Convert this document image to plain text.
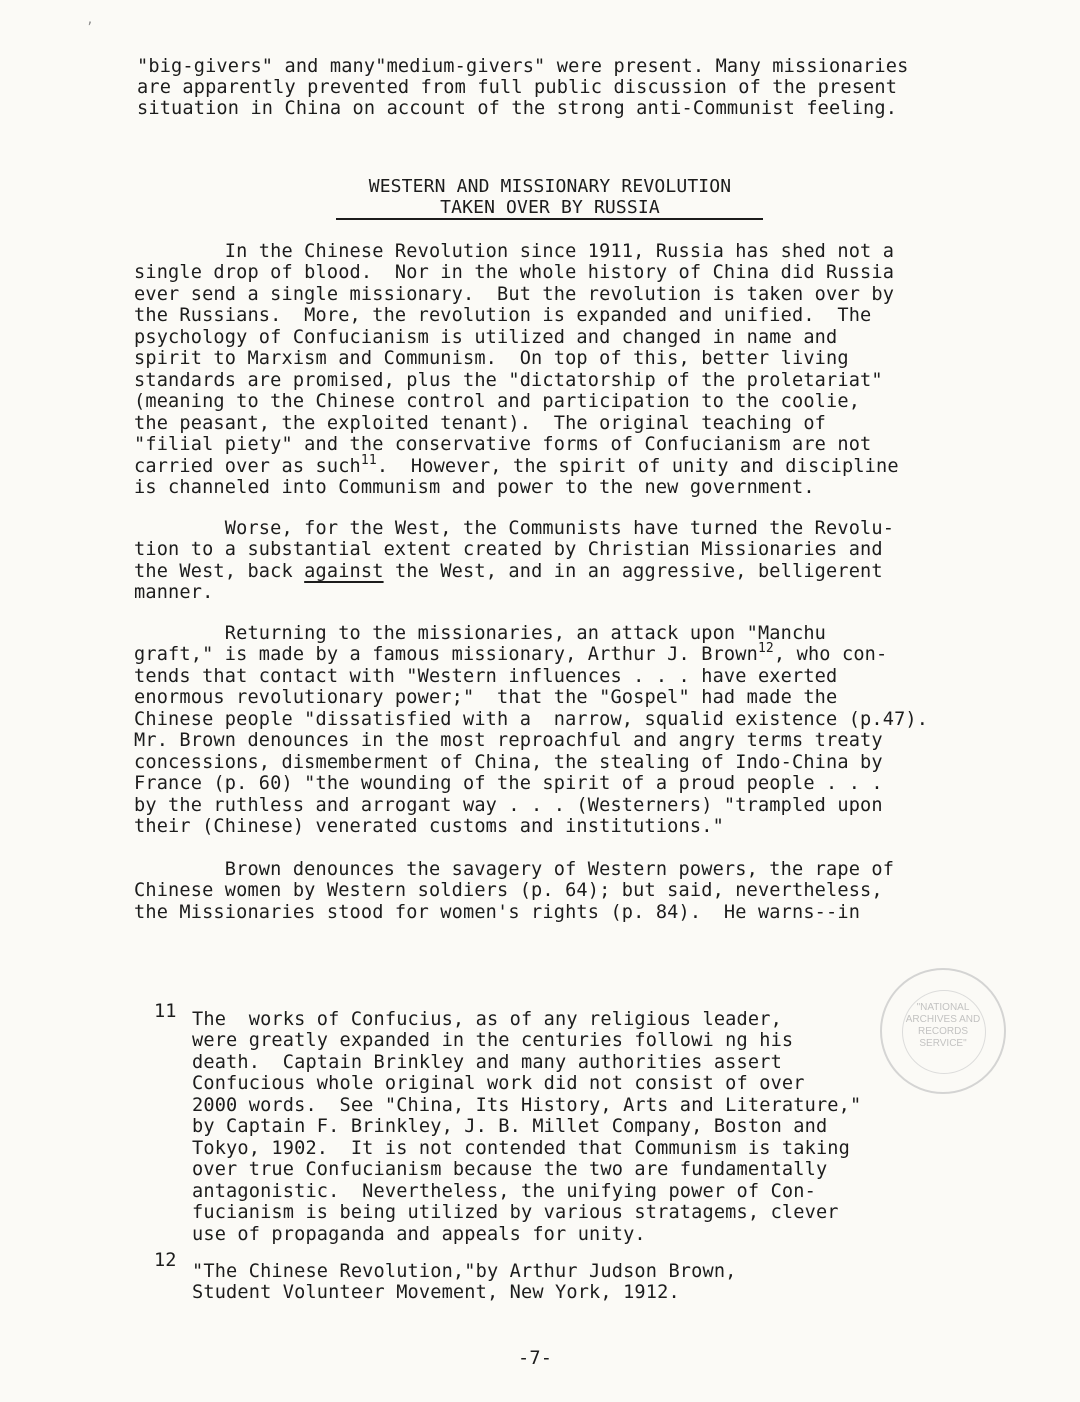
’
"big-givers" and many"medium-givers" were present. Many missionaries
are apparently prevented from full public discussion of the present
situation in China on account of the strong anti-Communist feeling.
WESTERN AND MISSIONARY REVOLUTION
TAKEN OVER BY RUSSIA
In the Chinese Revolution since 1911, Russia has shed not a
single drop of blood.  Nor in the whole history of China did Russia
ever send a single missionary.  But the revolution is taken over by
the Russians.  More, the revolution is expanded and unified.  The
psychology of Confucianism is utilized and changed in name and
spirit to Marxism and Communism.  On top of this, better living
standards are promised, plus the "dictatorship of the proletariat"
(meaning to the Chinese control and participation to the coolie,
the peasant, the exploited tenant).  The original teaching of
"filial piety" and the conservative forms of Confucianism are not
carried over as such$^{11}$.  However, the spirit of unity and discipline
is channeled into Communism and power to the new government.
Worse, for the West, the Communists have turned the Revolu-
tion to a substantial extent created by Christian Missionaries and
the West, back against the West, and in an aggressive, belligerent
manner.
Returning to the missionaries, an attack upon "Manchu
graft," is made by a famous missionary, Arthur J. Brown$^{12}$, who con-
tends that contact with "Western influences . . . have exerted
enormous revolutionary power;"  that the "Gospel" had made the
Chinese people "dissatisfied with a  narrow, squalid existence (p.47).
Mr. Brown denounces in the most reproachful and angry terms treaty
concessions, dismemberment of China, the stealing of Indo-China by
France (p. 60) "the wounding of the spirit of a proud people . . .
by the ruthless and arrogant way . . . (Westerners) "trampled upon
their (Chinese) venerated customs and institutions."
Brown denounces the savagery of Western powers, the rape of
Chinese women by Western soldiers (p. 64); but said, nevertheless,
the Missionaries stood for women's rights (p. 84).  He warns--in
"NATIONAL
ARCHIVES AND
RECORDS
SERVICE"
11 The  works of Confucius, as of any religious leader,
were greatly expanded in the centuries followi ng his
death.  Captain Brinkley and many authorities assert
Confucious whole original work did not consist of over
2000 words.  See "China, Its History, Arts and Literature,"
by Captain F. Brinkley, J. B. Millet Company, Boston and
Tokyo, 1902.  It is not contended that Communism is taking
over true Confucianism because the two are fundamentally
antagonistic.  Nevertheless, the unifying power of Con-
fucianism is being utilized by various stratagems, clever
use of propaganda and appeals for unity.
12
"The Chinese Revolution,"by Arthur Judson Brown,
Student Volunteer Movement, New York, 1912.
-7-
